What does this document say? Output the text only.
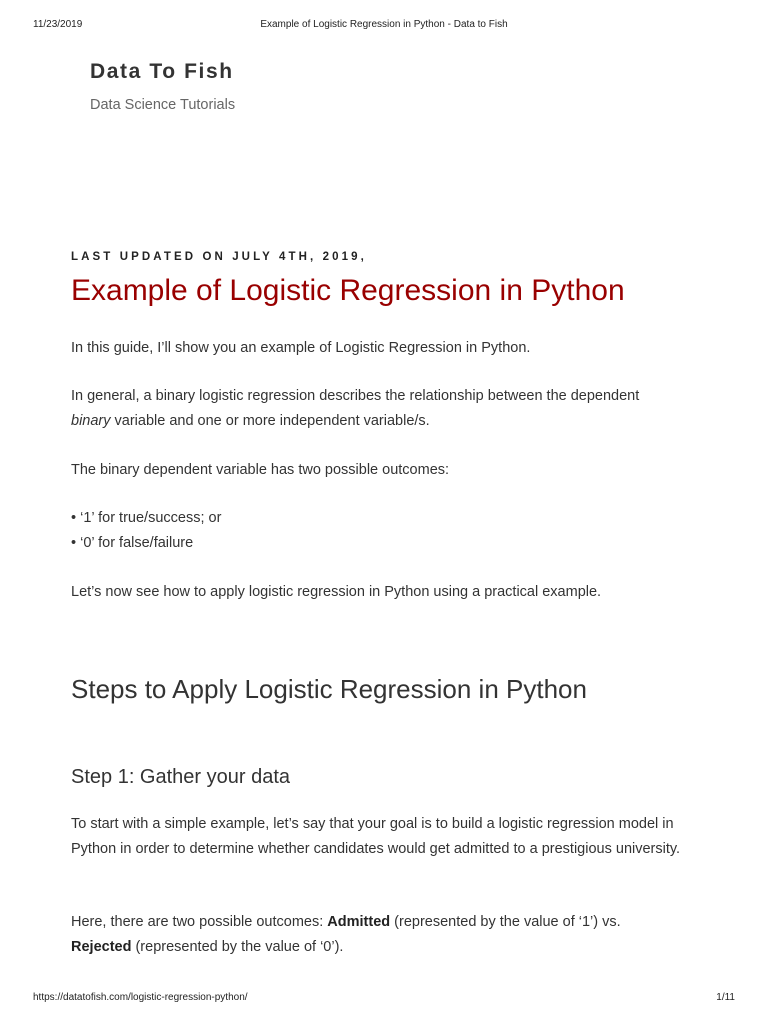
11/23/2019	Example of Logistic Regression in Python - Data to Fish
Data To Fish
Data Science Tutorials
LAST UPDATED ON JULY 4TH, 2019,
Example of Logistic Regression in Python

In this guide, I’ll show you an example of Logistic Regression in Python.

In general, a binary logistic regression describes the relationship between the dependent
binary variable and one or more independent variable/s.

The binary dependent variable has two possible outcomes:

• ‘1’ for true/success; or
• ‘0’ for false/failure

Let’s now see how to apply logistic regression in Python using a practical example.

Steps to Apply Logistic Regression in Python
Step 1: Gather your data

To start with a simple example, let’s say that your goal is to build a logistic regression model in Python in order to determine whether candidates would get admitted to a prestigious university.

Here, there are two possible outcomes: Admitted (represented by the value of ‘1’) vs.
Rejected (represented by the value of ‘0’).

https://datatofish.com/logistic-regression-python/	1/11
